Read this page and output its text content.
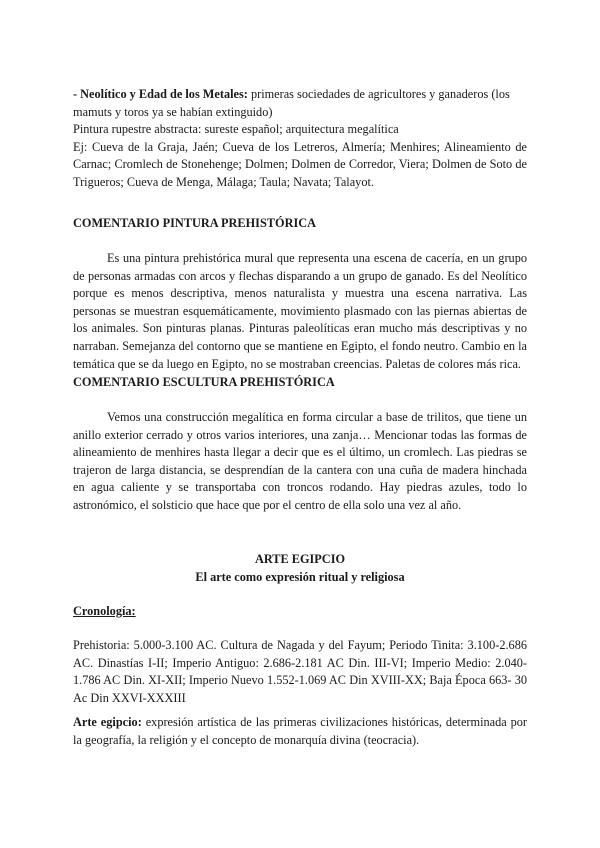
- Neolítico y Edad de los Metales: primeras sociedades de agricultores y ganaderos (los mamuts y toros ya se habían extinguido)
Pintura rupestre abstracta: sureste español; arquitectura megalítica
Ej: Cueva de la Graja, Jaén; Cueva de los Letreros, Almería; Menhires; Alineamiento de Carnac; Cromlech de Stonehenge; Dolmen; Dolmen de Corredor, Viera; Dolmen de Soto de Trigueros; Cueva de Menga, Málaga; Taula; Navata; Talayot.
COMENTARIO PINTURA PREHISTÓRICA
Es una pintura prehistórica mural que representa una escena de cacería, en un grupo de personas armadas con arcos y flechas disparando a un grupo de ganado. Es del Neolítico porque es menos descriptiva, menos naturalista y muestra una escena narrativa. Las personas se muestran esquemáticamente, movimiento plasmado con las piernas abiertas de los animales. Son pinturas planas. Pinturas paleolíticas eran mucho más descriptivas y no narraban. Semejanza del contorno que se mantiene en Egipto, el fondo neutro. Cambio en la temática que se da luego en Egipto, no se mostraban creencias. Paletas de colores más rica.
COMENTARIO ESCULTURA PREHISTÓRICA
Vemos una construcción megalítica en forma circular a base de trilitos, que tiene un anillo exterior cerrado y otros varios interiores, una zanja… Mencionar todas las formas de alineamiento de menhires hasta llegar a decir que es el último, un cromlech. Las piedras se trajeron de larga distancia, se desprendían de la cantera con una cuña de madera hinchada en agua caliente y se transportaba con troncos rodando. Hay piedras azules, todo lo astronómico, el solsticio que hace que por el centro de ella solo una vez al año.
ARTE EGIPCIO
El arte como expresión ritual y religiosa
Cronología:
Prehistoria: 5.000-3.100 AC. Cultura de Nagada y del Fayum; Periodo Tinita: 3.100-2.686 AC. Dinastías I-II; Imperio Antiguo: 2.686-2.181 AC Din. III-VI; Imperio Medio: 2.040-1.786 AC Din. XI-XII; Imperio Nuevo 1.552-1.069 AC Din XVIII-XX; Baja Época 663- 30 Ac Din XXVI-XXXIII
Arte egipcio: expresión artística de las primeras civilizaciones históricas, determinada por la geografía, la religión y el concepto de monarquía divina (teocracia).
